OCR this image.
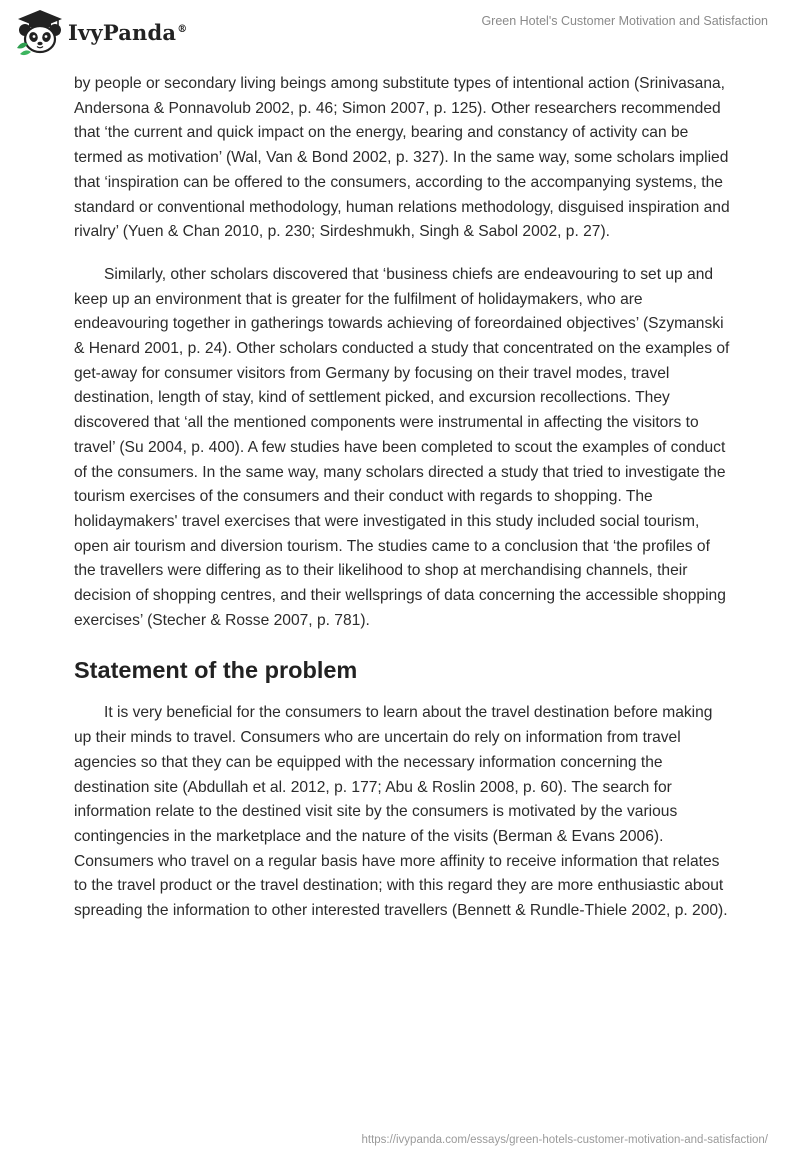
IvyPanda®
Green Hotel's Customer Motivation and Satisfaction

by people or secondary living beings among substitute types of intentional action (Srinivasana, Andersona & Ponnavolub 2002, p. 46; Simon 2007, p. 125). Other researchers recommended that ‘the current and quick impact on the energy, bearing and constancy of activity can be termed as motivation’ (Wal, Van & Bond 2002, p. 327). In the same way, some scholars implied that ‘inspiration can be offered to the consumers, according to the accompanying systems, the standard or conventional methodology, human relations methodology, disguised inspiration and rivalry’ (Yuen & Chan 2010, p. 230; Sirdeshmukh, Singh & Sabol 2002, p. 27).

Similarly, other scholars discovered that ‘business chiefs are endeavouring to set up and keep up an environment that is greater for the fulfilment of holidaymakers, who are endeavouring together in gatherings towards achieving of foreordained objectives’ (Szymanski & Henard 2001, p. 24). Other scholars conducted a study that concentrated on the examples of get-away for consumer visitors from Germany by focusing on their travel modes, travel destination, length of stay, kind of settlement picked, and excursion recollections. They discovered that ‘all the mentioned components were instrumental in affecting the visitors to travel’ (Su 2004, p. 400). A few studies have been completed to scout the examples of conduct of the consumers. In the same way, many scholars directed a study that tried to investigate the tourism exercises of the consumers and their conduct with regards to shopping. The holidaymakers' travel exercises that were investigated in this study included social tourism, open air tourism and diversion tourism. The studies came to a conclusion that ‘the profiles of the travellers were differing as to their likelihood to shop at merchandising channels, their decision of shopping centres, and their wellsprings of data concerning the accessible shopping exercises’ (Stecher & Rosse 2007, p. 781).

Statement of the problem

It is very beneficial for the consumers to learn about the travel destination before making up their minds to travel. Consumers who are uncertain do rely on information from travel agencies so that they can be equipped with the necessary information concerning the destination site (Abdullah et al. 2012, p. 177; Abu & Roslin 2008, p. 60). The search for information relate to the destined visit site by the consumers is motivated by the various contingencies in the marketplace and the nature of the visits (Berman & Evans 2006). Consumers who travel on a regular basis have more affinity to receive information that relates to the travel product or the travel destination; with this regard they are more enthusiastic about spreading the information to other interested travellers (Bennett & Rundle-Thiele 2002, p. 200).

https://ivypanda.com/essays/green-hotels-customer-motivation-and-satisfaction/
